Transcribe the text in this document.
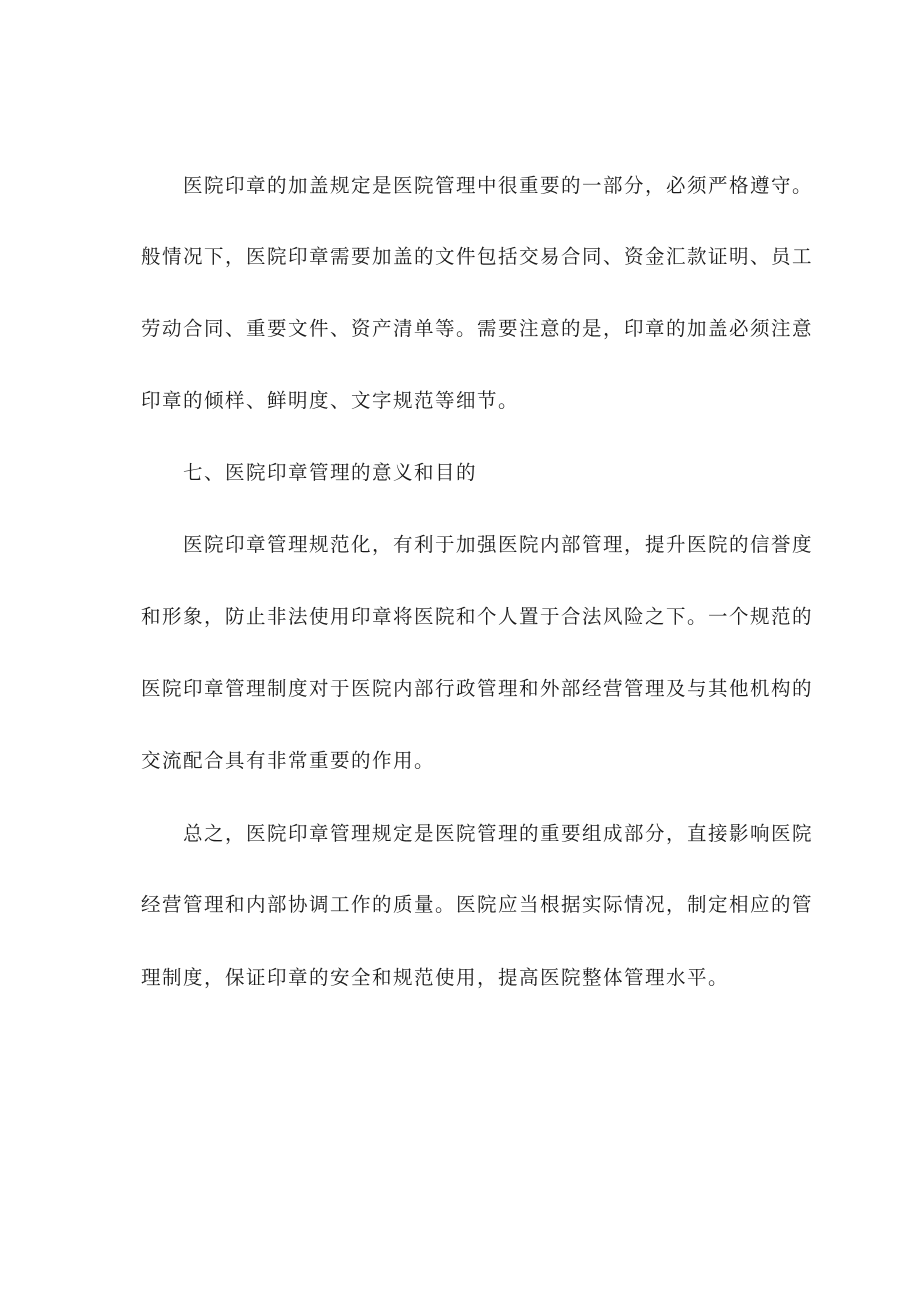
医院印章的加盖规定是医院管理中很重要的一部分，必须严格遵守。
般情况下，医院印章需要加盖的文件包括交易合同、资金汇款证明、员工
劳动合同、重要文件、资产清单等。需要注意的是，印章的加盖必须注意
印章的倾样、鲜明度、文字规范等细节。
七、医院印章管理的意义和目的
医院印章管理规范化，有利于加强医院内部管理，提升医院的信誉度
和形象，防止非法使用印章将医院和个人置于合法风险之下。一个规范的
医院印章管理制度对于医院内部行政管理和外部经营管理及与其他机构的
交流配合具有非常重要的作用。
总之，医院印章管理规定是医院管理的重要组成部分，直接影响医院
经营管理和内部协调工作的质量。医院应当根据实际情况，制定相应的管
理制度，保证印章的安全和规范使用，提高医院整体管理水平。
